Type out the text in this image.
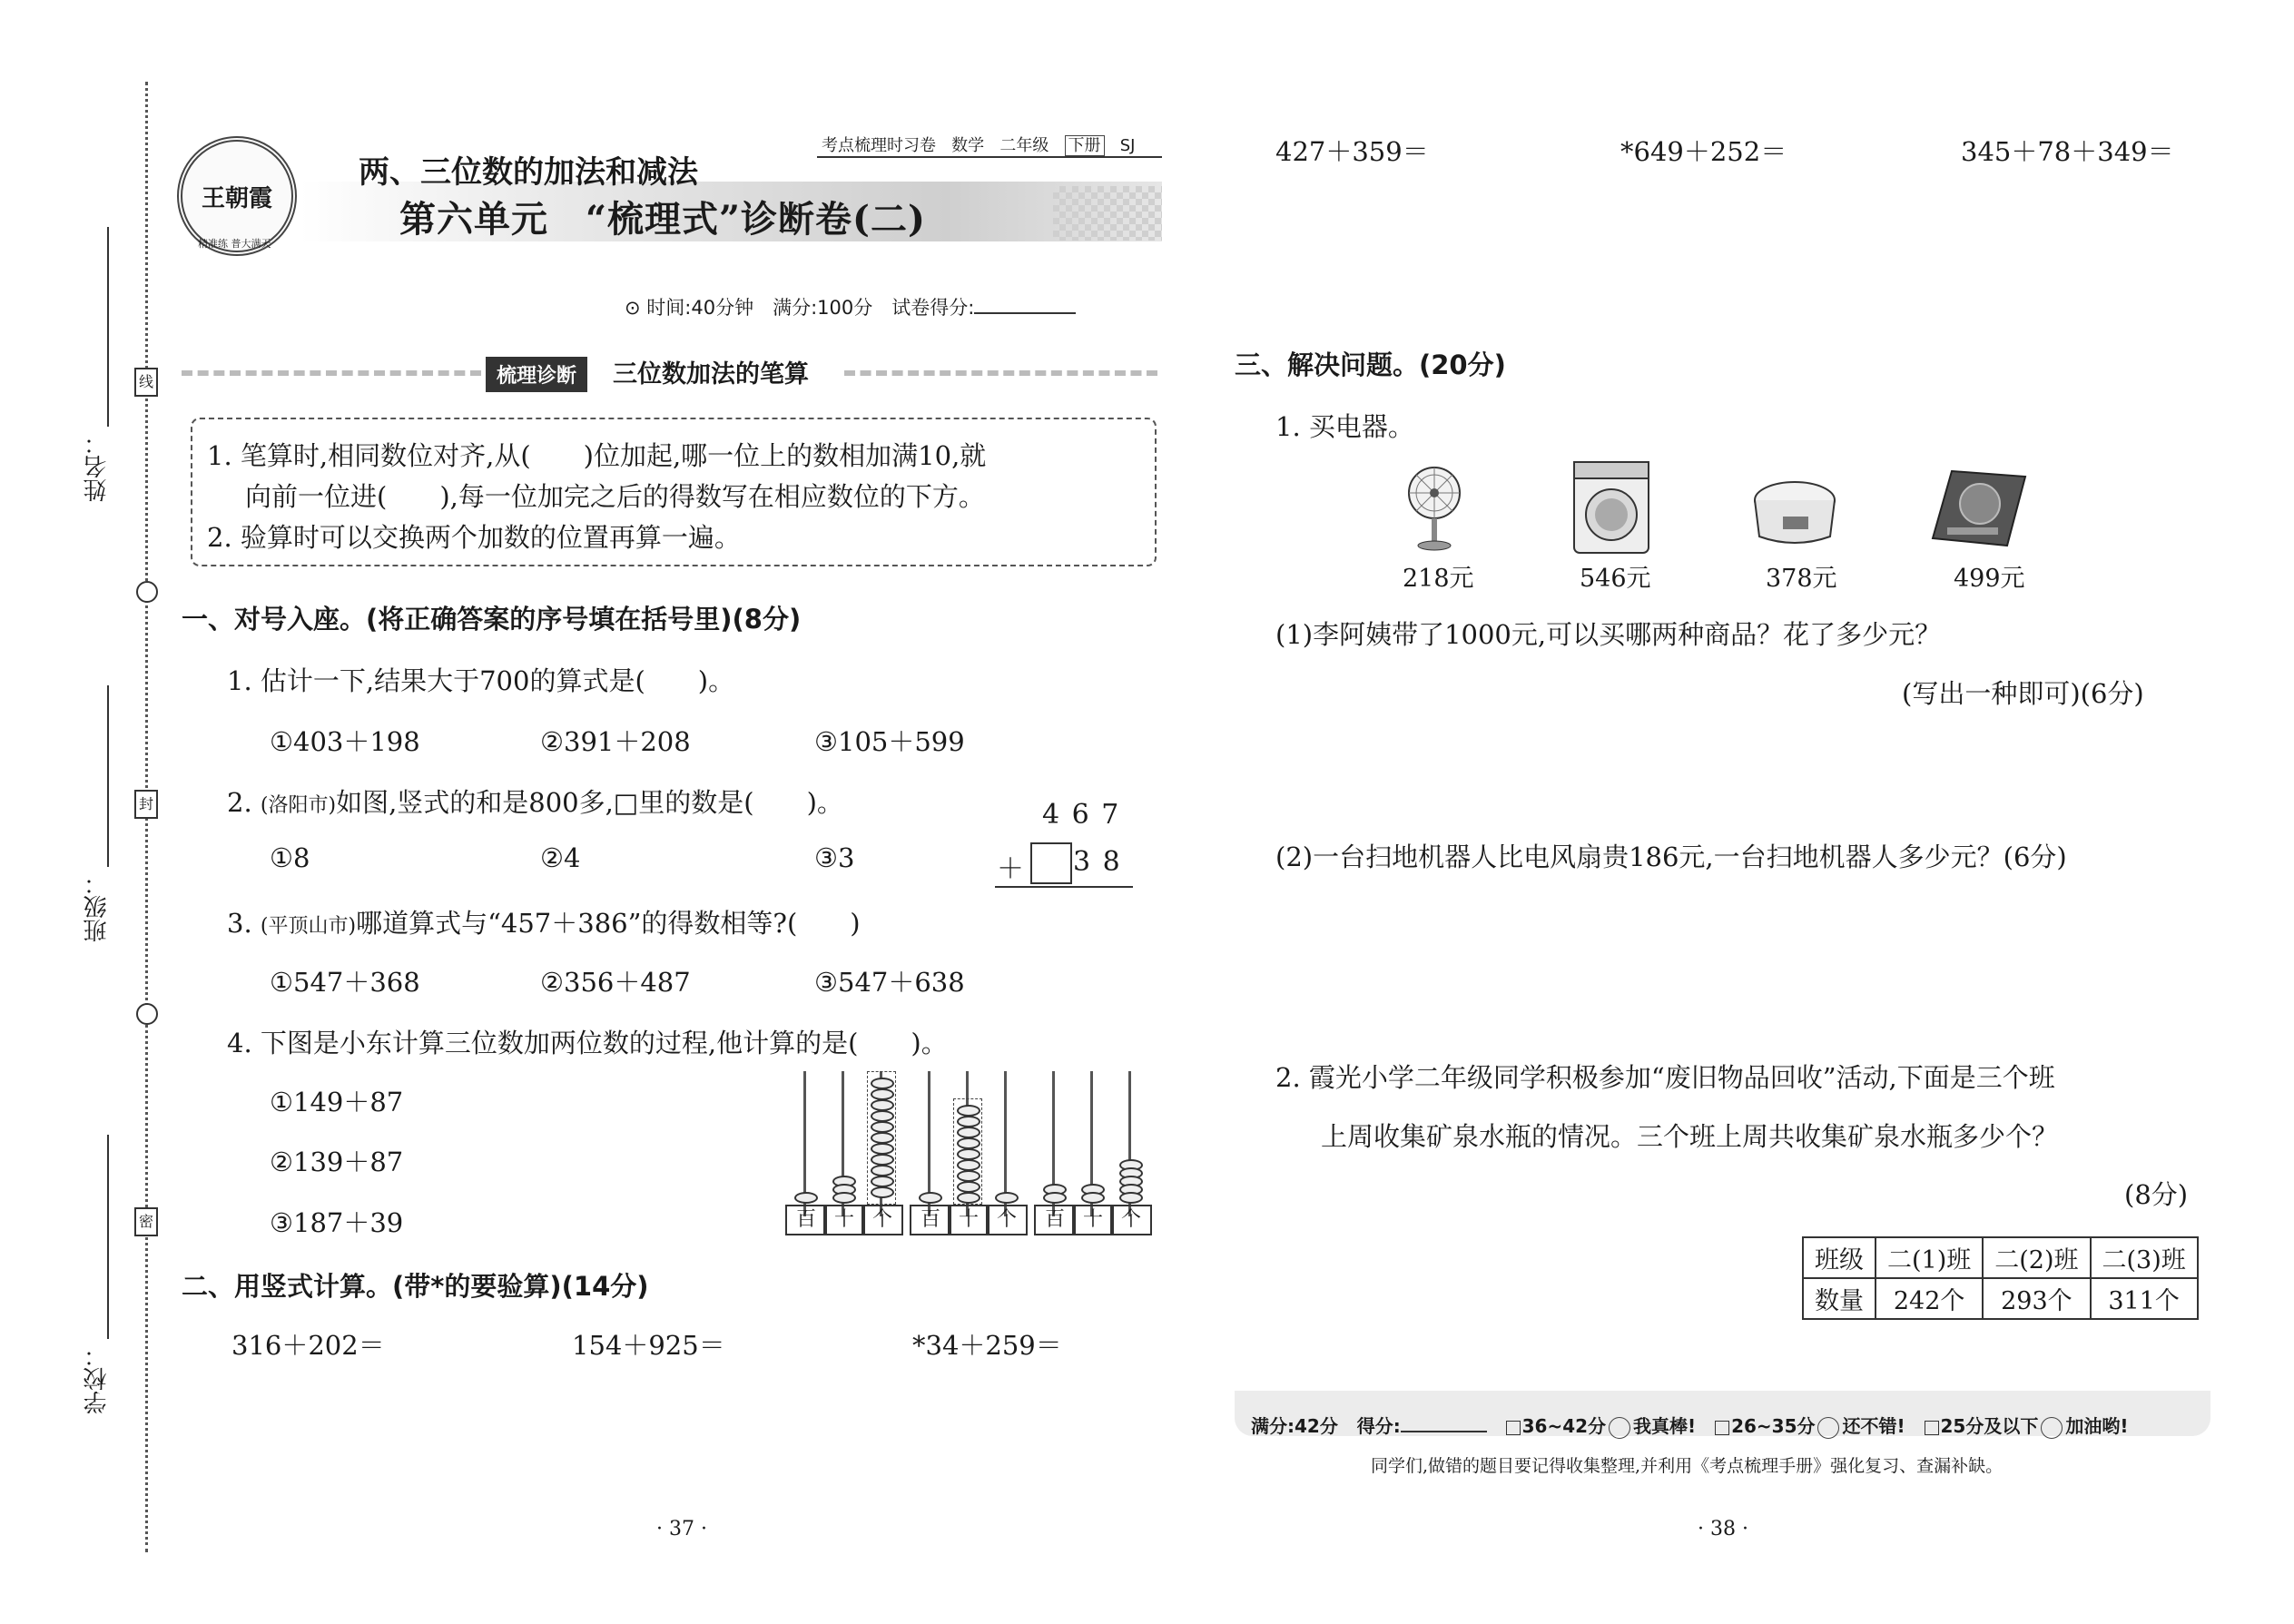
姓名：
班级：
学校：
线
封
密
考点梳理时习卷 数学 二年级 下册 SJ
王朝霞
精准练 普大满天
两、三位数的加法和减法
第六单元　“梳理式”诊断卷(二)
⊙ 时间:40分钟　满分:100分　试卷得分:
梳理诊断	三位数加法的笔算
1. 笔算时,相同数位对齐,从(　　)位加起,哪一位上的数相加满10,就
向前一位进(　　),每一位加完之后的得数写在相应数位的下方。
2. 验算时可以交换两个加数的位置再算一遍。
一、对号入座。(将正确答案的序号填在括号里)(8分)
1. 估计一下,结果大于700的算式是(　　)。
①403＋198	②391＋208	③105＋599
2. (洛阳市)如图,竖式的和是800多,□里的数是(　　)。
①8	②4	③3
4 6 7
＋ 3 8
3. (平顶山市)哪道算式与“457＋386”的得数相等?(　　)
①547＋368	②356＋487	③547＋638
4. 下图是小东计算三位数加两位数的过程,他计算的是(　　)。
①149＋87
②139＋87
③187＋39	百 十 个	百 十 个	百 十 个
二、用竖式计算。(带*的要验算)(14分)
316＋202＝	154＋925＝	*34＋259＝
· 37 ·
427＋359＝	*649＋252＝	345＋78＋349＝
三、解决问题。(20分)
1. 买电器。
218元	546元	378元	499元
(1)李阿姨带了1000元,可以买哪两种商品？花了多少元？
(写出一种即可)(6分)
(2)一台扫地机器人比电风扇贵186元,一台扫地机器人多少元？(6分)
2. 霞光小学二年级同学积极参加“废旧物品回收”活动,下面是三个班
上周收集矿泉水瓶的情况。三个班上周共收集矿泉水瓶多少个？
(8分)
班级	二(1)班	二(2)班	二(3)班
数量	242个	293个	311个
满分:42分 得分:	36~42分 我真棒! 26~35分 还不错! 25分及以下 加油哟!
同学们,做错的题目要记得收集整理,并利用《考点梳理手册》强化复习、查漏补缺。
· 38 ·
